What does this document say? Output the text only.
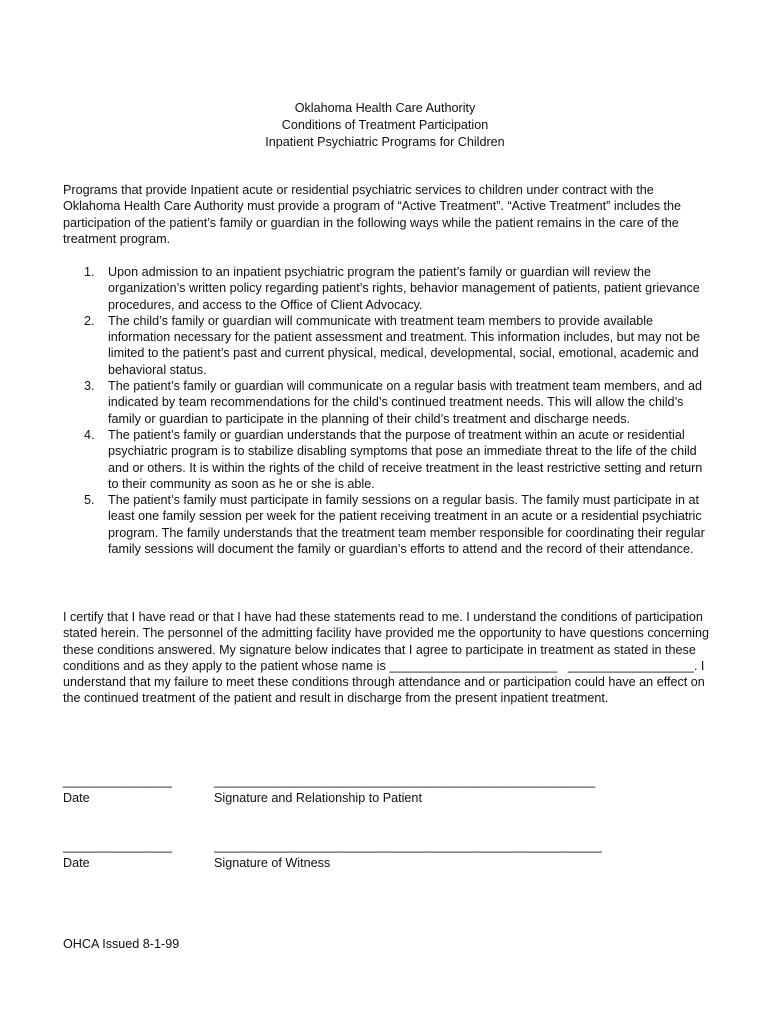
Oklahoma Health Care Authority
Conditions of Treatment Participation
Inpatient Psychiatric Programs for Children

Programs that provide Inpatient acute or residential psychiatric services to children under contract with the Oklahoma Health Care Authority must provide a program of “Active Treatment”. “Active Treatment” includes the participation of the patient’s family or guardian in the following ways while the patient remains in the care of the treatment program.

1.	Upon admission to an inpatient psychiatric program the patient’s family or guardian will review the organization’s written policy regarding patient’s rights, behavior management of patients, patient grievance procedures, and access to the Office of Client Advocacy.
2.	The child’s family or guardian will communicate with treatment team members to provide available information necessary for the patient assessment and treatment. This information includes, but may not be limited to the patient’s past and current physical, medical, developmental, social, emotional, academic and behavioral status.
3.	The patient’s family or guardian will communicate on a regular basis with treatment team members, and ad indicated by team recommendations for the child’s continued treatment needs. This will allow the child’s family or guardian to participate in the planning of their child’s treatment and discharge needs.
4.	The patient’s family or guardian understands that the purpose of treatment within an acute or residential psychiatric program is to stabilize disabling symptoms that pose an immediate threat to the life of the child and or others. It is within the rights of the child of receive treatment in the least restrictive setting and return to their community as soon as he or she is able.
5.	The patient’s family must participate in family sessions on a regular basis. The family must participate in at least one family session per week for the patient receiving treatment in an acute or a residential psychiatric program. The family understands that the treatment team member responsible for coordinating their regular family sessions will document the family or guardian’s efforts to attend and the record of their attendance.

I certify that I have read or that I have had these statements read to me. I understand the conditions of participation stated herein. The personnel of the admitting facility have provided me the opportunity to have questions concerning these conditions answered. My signature below indicates that I agree to participate in treatment as stated in these conditions and as they apply to the patient whose name is ________________________ __________________. I understand that my failure to meet these conditions through attendance and or participation could have an effect on the continued treatment of the patient and result in discharge from the present inpatient treatment.

________________
Date
________________________________________________________
Signature and Relationship to Patient
________________
Date
_________________________________________________________
Signature of Witness
OHCA Issued 8-1-99
